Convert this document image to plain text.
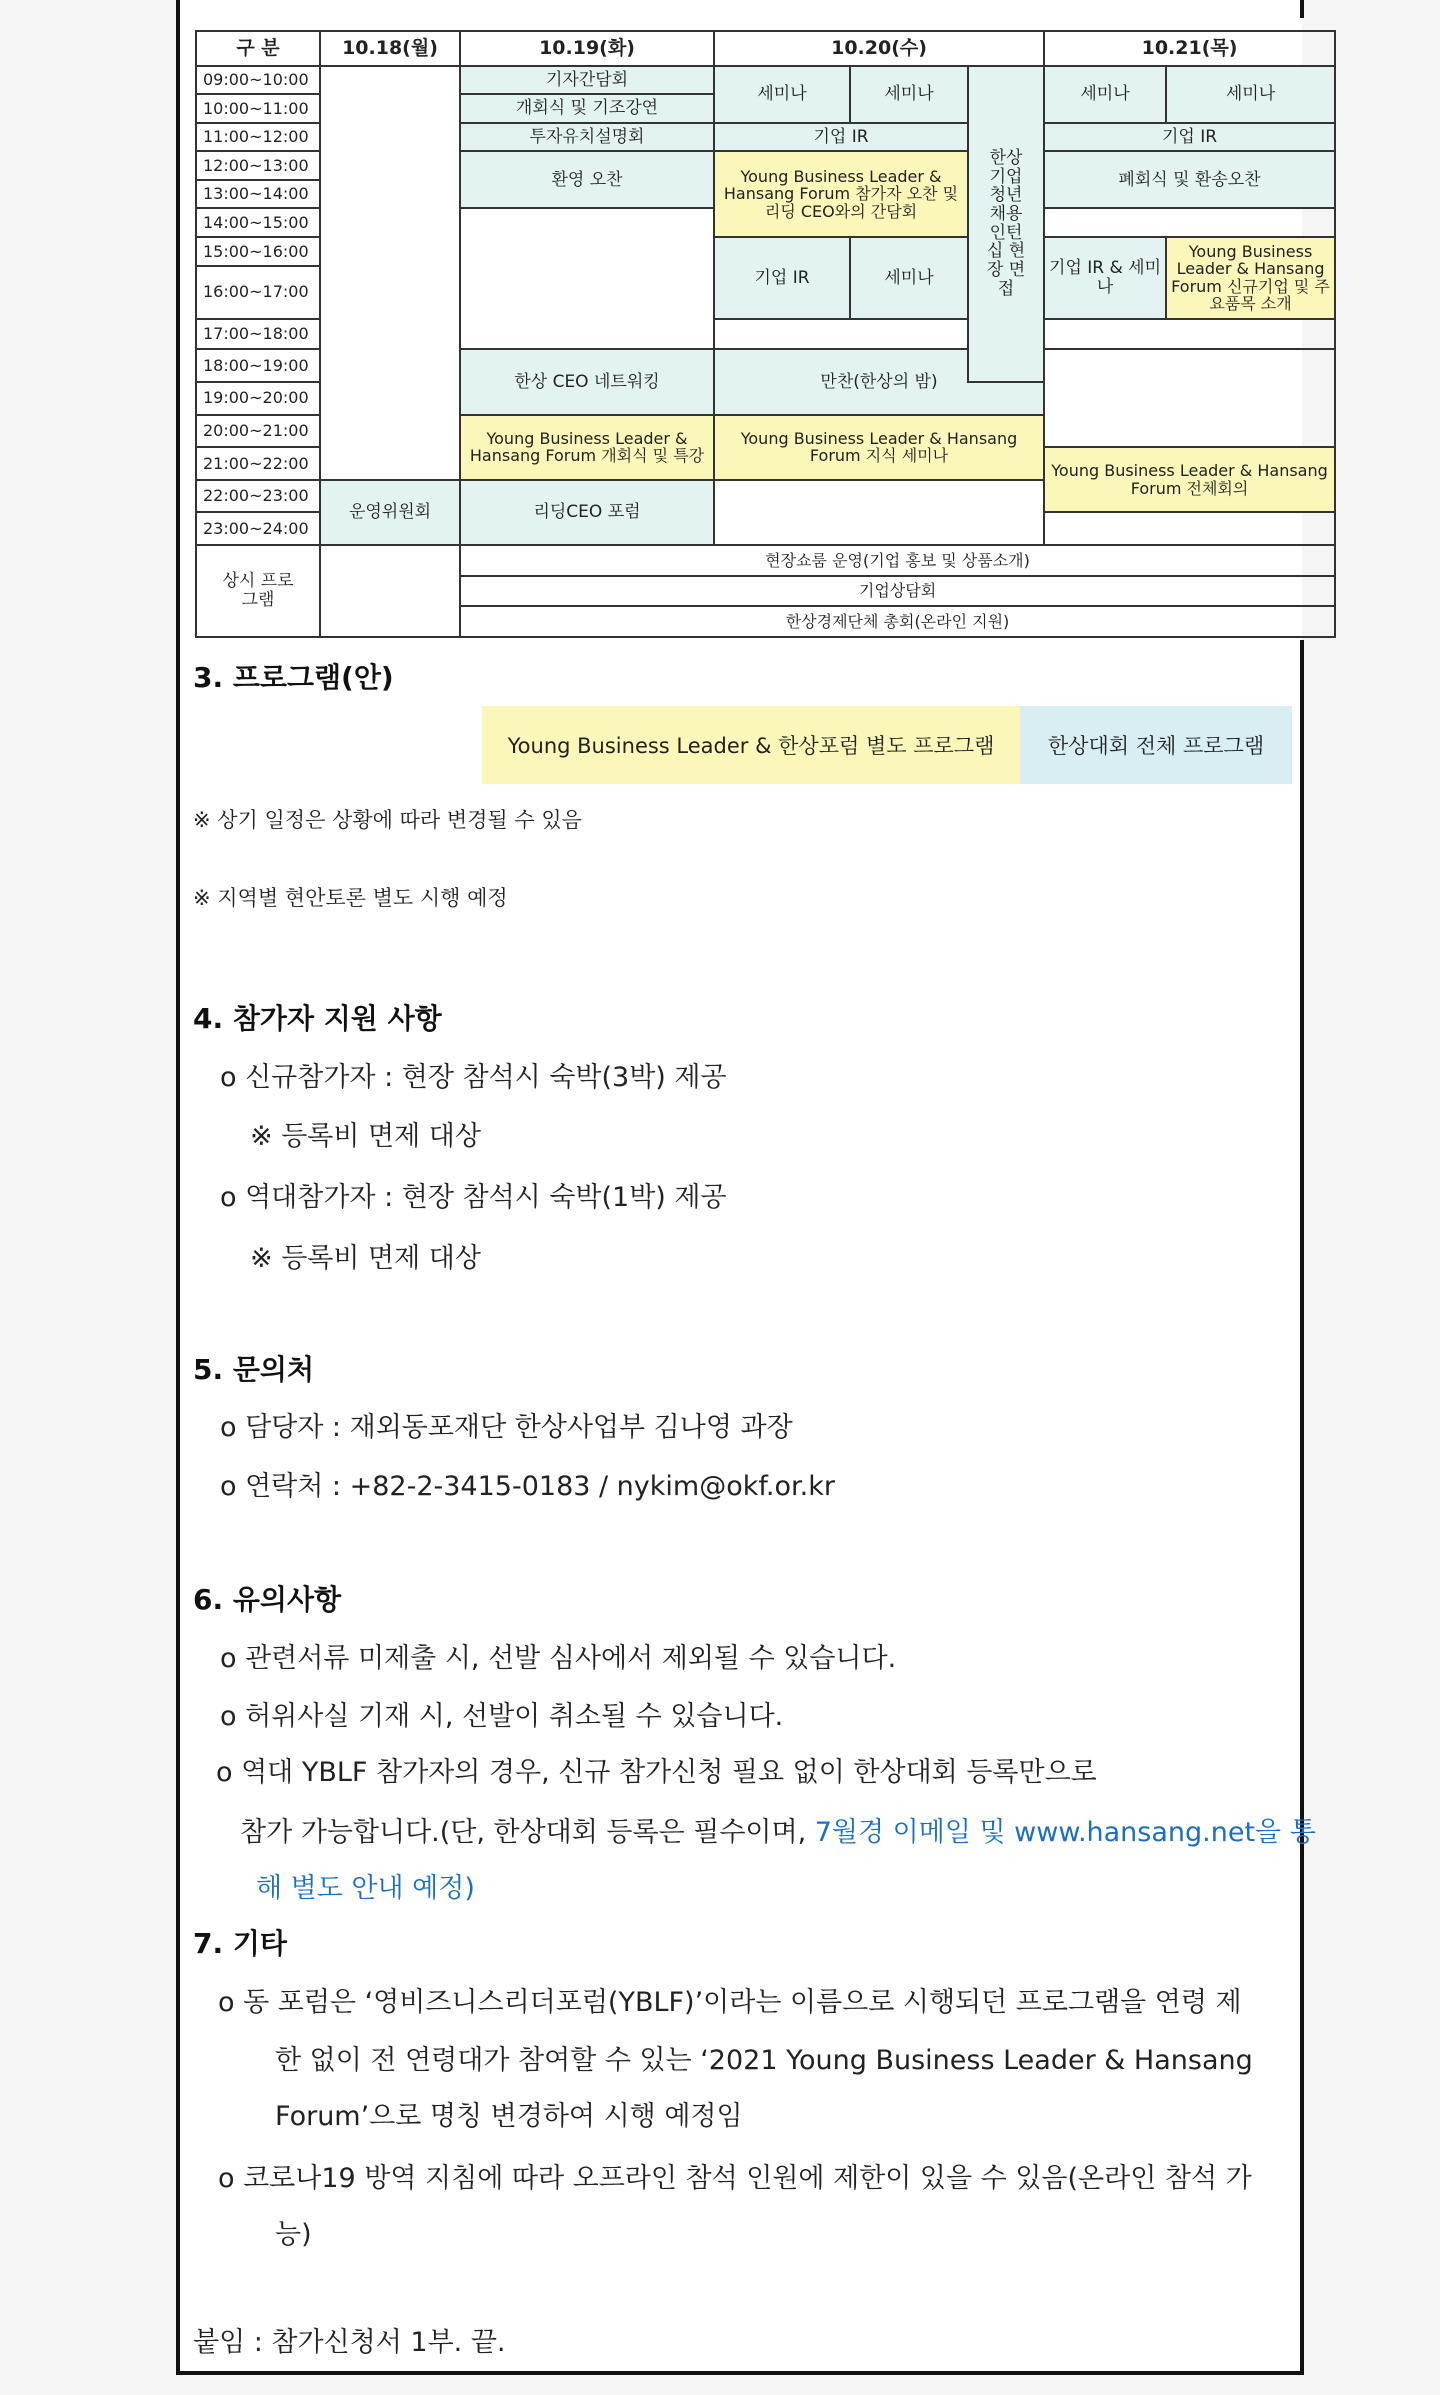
구 분	10.18(월)	10.19(화)	10.20(수)			10.21(목)	
09:00~10:00		기자간담회	세미나	세미나	한상 기업 청년 채용 인턴십 현장 면접	세미나	세미나
10:00~11:00		개회식 및 기조강연					
11:00~12:00		투자유치설명회	기업 IR			기업 IR	
12:00~13:00		환영 오찬	Young Business Leader & Hansang Forum 참가자 오찬 및 리딩 CEO와의 간담회			폐회식 및 환송오찬	
13:00~14:00							
14:00~15:00							
15:00~16:00			기업 IR	세미나		기업 IR & 세미나	Young Business Leader & Hansang Forum 신규기업 및 주요품목 소개
16:00~17:00							
17:00~18:00							
18:00~19:00		한상 CEO 네트워킹	만찬(한상의 밤)				
19:00~20:00							
20:00~21:00		Young Business Leader & Hansang Forum 개회식 및 특강	Young Business Leader & Hansang Forum 지식 세미나				
21:00~22:00						Young Business Leader & Hansang Forum 전체회의	
22:00~23:00	운영위원회	리딩CEO 포럼					
23:00~24:00							
상시 프로그램		현장쇼룸 운영(기업 홍보 및 상품소개)					
		기업상담회					
		한상경제단체 총회(온라인 지원)					
3. 프로그램(안)
Young Business Leader & 한상포럼 별도 프로그램	한상대회 전체 프로그램
※ 상기 일정은 상황에 따라 변경될 수 있음
※ 지역별 현안토론 별도 시행 예정
4. 참가자 지원 사항
o 신규참가자 : 현장 참석시 숙박(3박) 제공
※ 등록비 면제 대상
o 역대참가자 : 현장 참석시 숙박(1박) 제공
※ 등록비 면제 대상
5. 문의처
o 담당자 : 재외동포재단 한상사업부 김나영 과장
o 연락처 : +82-2-3415-0183 / nykim@okf.or.kr
6. 유의사항
o 관련서류 미제출 시, 선발 심사에서 제외될 수 있습니다.
o 허위사실 기재 시, 선발이 취소될 수 있습니다.
o 역대 YBLF 참가자의 경우, 신규 참가신청 필요 없이 한상대회 등록만으로
참가 가능합니다.(단, 한상대회 등록은 필수이며, 7월경 이메일 및 www.hansang.net을 통
해 별도 안내 예정)
7. 기타
o 동 포럼은 ‘영비즈니스리더포럼(YBLF)’이라는 이름으로 시행되던 프로그램을 연령 제
한 없이 전 연령대가 참여할 수 있는 ‘2021 Young Business Leader & Hansang
Forum’으로 명칭 변경하여 시행 예정임
o 코로나19 방역 지침에 따라 오프라인 참석 인원에 제한이 있을 수 있음(온라인 참석 가
능)
붙임 : 참가신청서 1부. 끝.
